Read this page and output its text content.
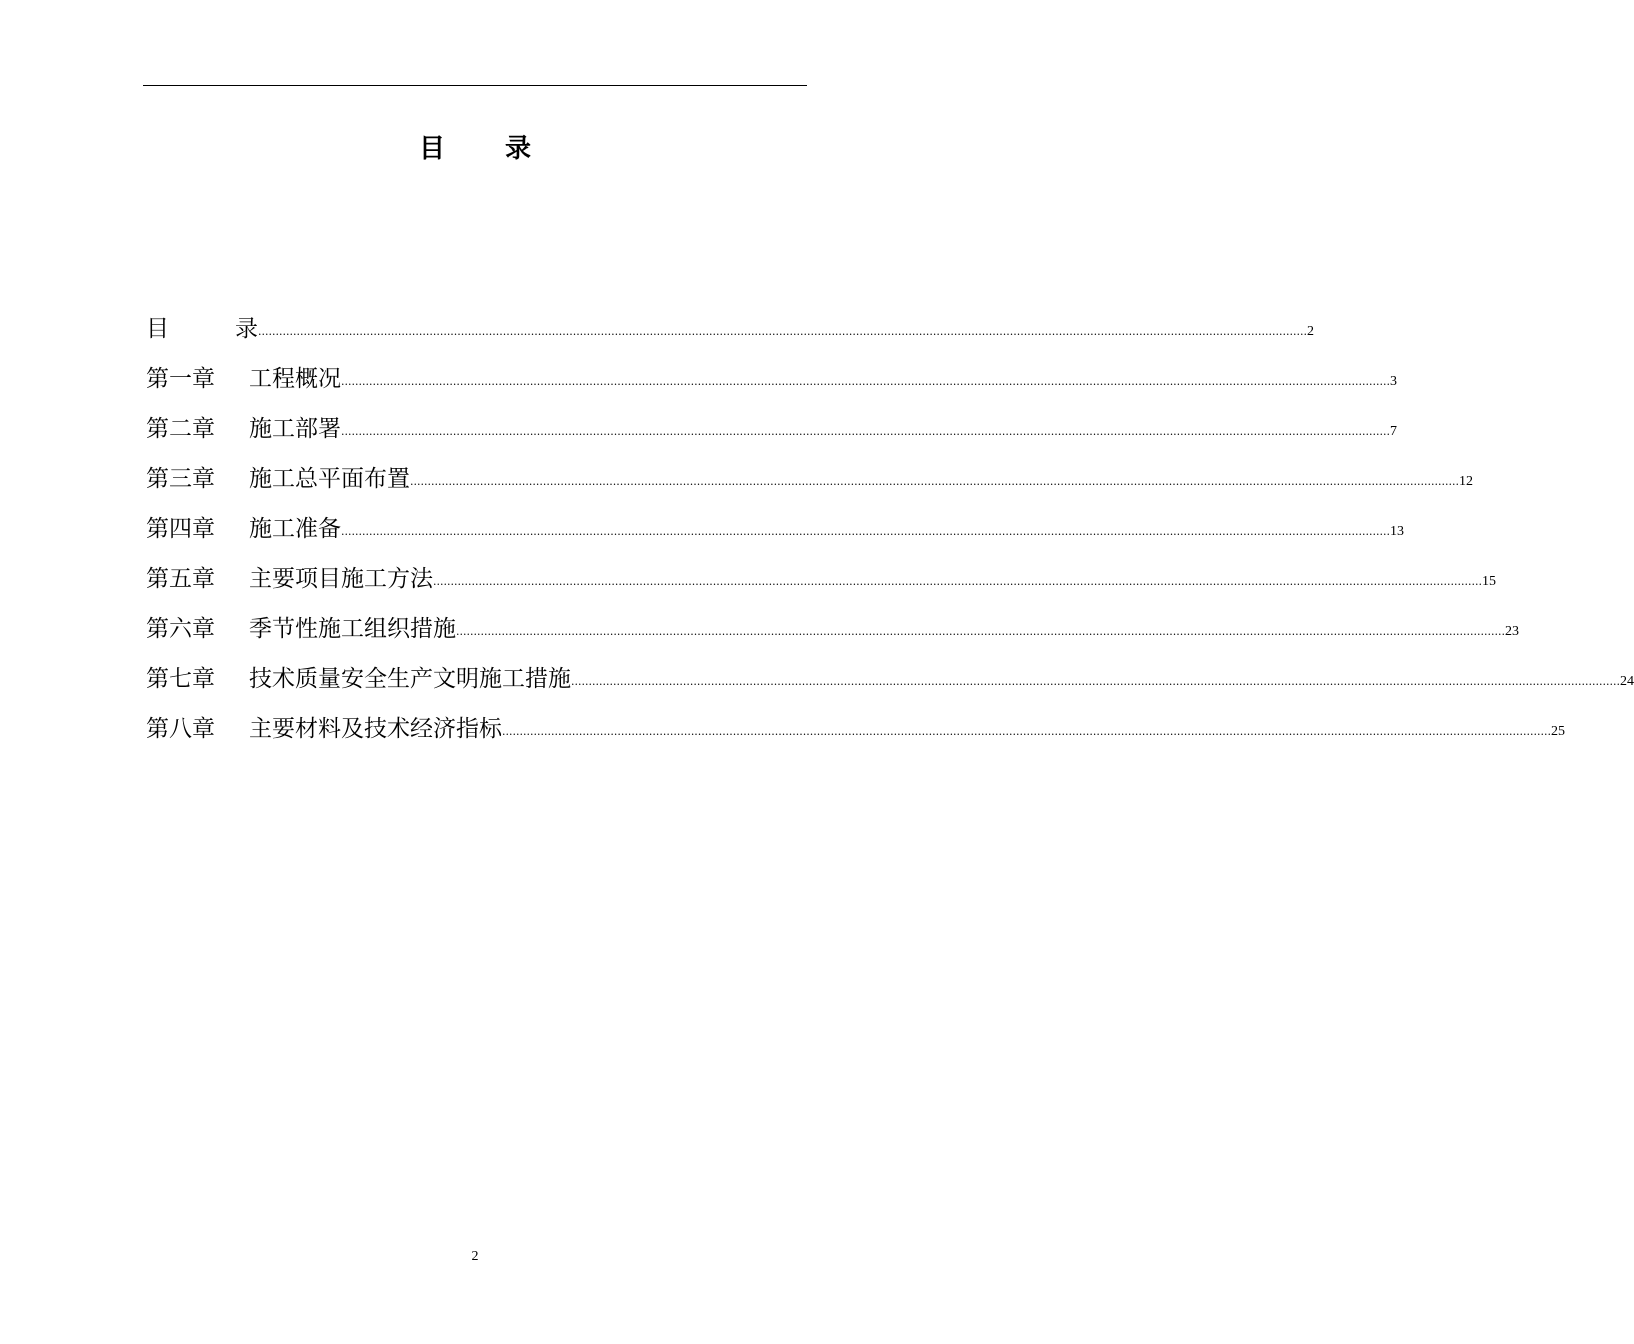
目 录
目	录 ............................................................................................................................................................................................................................................................................................................ 2
第一章 工程概况 ............................................................................................................................................................................................................................................................................................................ 3
第二章 施工部署 ............................................................................................................................................................................................................................................................................................................ 7
第三章 施工总平面布置 ............................................................................................................................................................................................................................................................................................................ 12
第四章 施工准备 ............................................................................................................................................................................................................................................................................................................ 13
第五章 主要项目施工方法 ............................................................................................................................................................................................................................................................................................................ 15
第六章 季节性施工组织措施 ............................................................................................................................................................................................................................................................................................................ 23
第七章 技术质量安全生产文明施工措施 ............................................................................................................................................................................................................................................................................................................ 24
第八章 主要材料及技术经济指标 ............................................................................................................................................................................................................................................................................................................ 25
2
